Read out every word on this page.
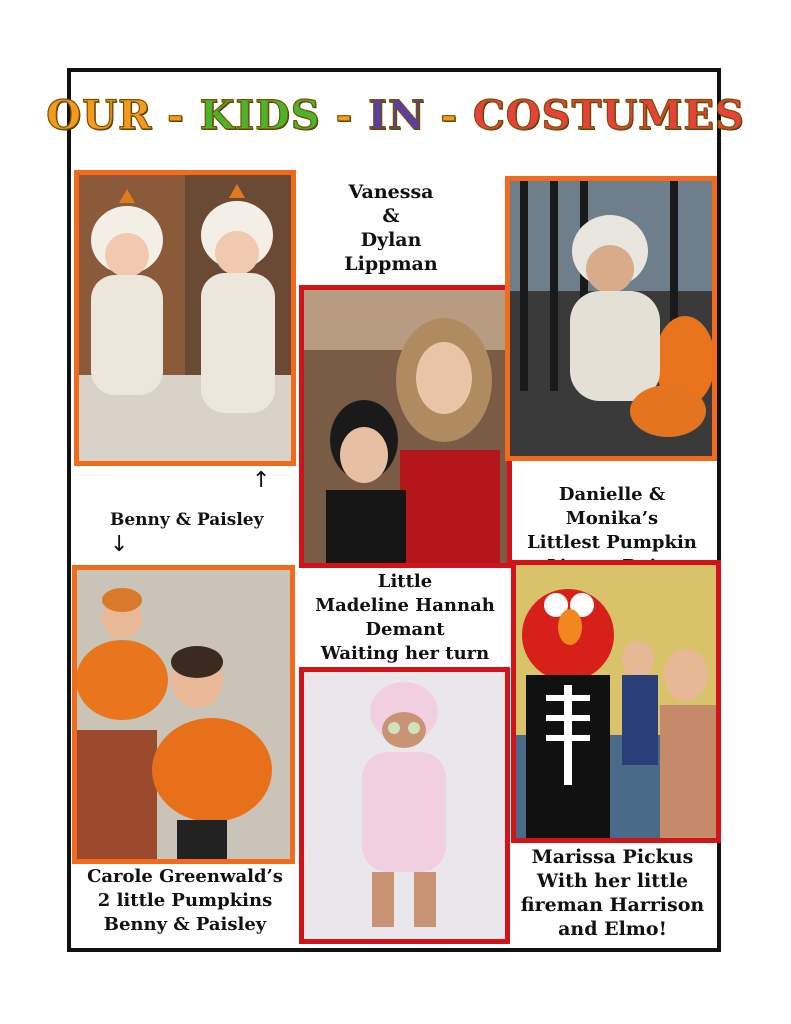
OUR - KIDS - IN - COSTUMES
Vanessa
&
Dylan
Lippman
↑
Benny & Paisley
↓
Danielle & Monika’s
Littlest Pumpkin
Little
Madeline Hannah
Demant
Waiting her turn
Carole Greenwald’s
2 little Pumpkins
Benny & Paisley
Marissa Pickus
With her little
fireman Harrison
and Elmo!
